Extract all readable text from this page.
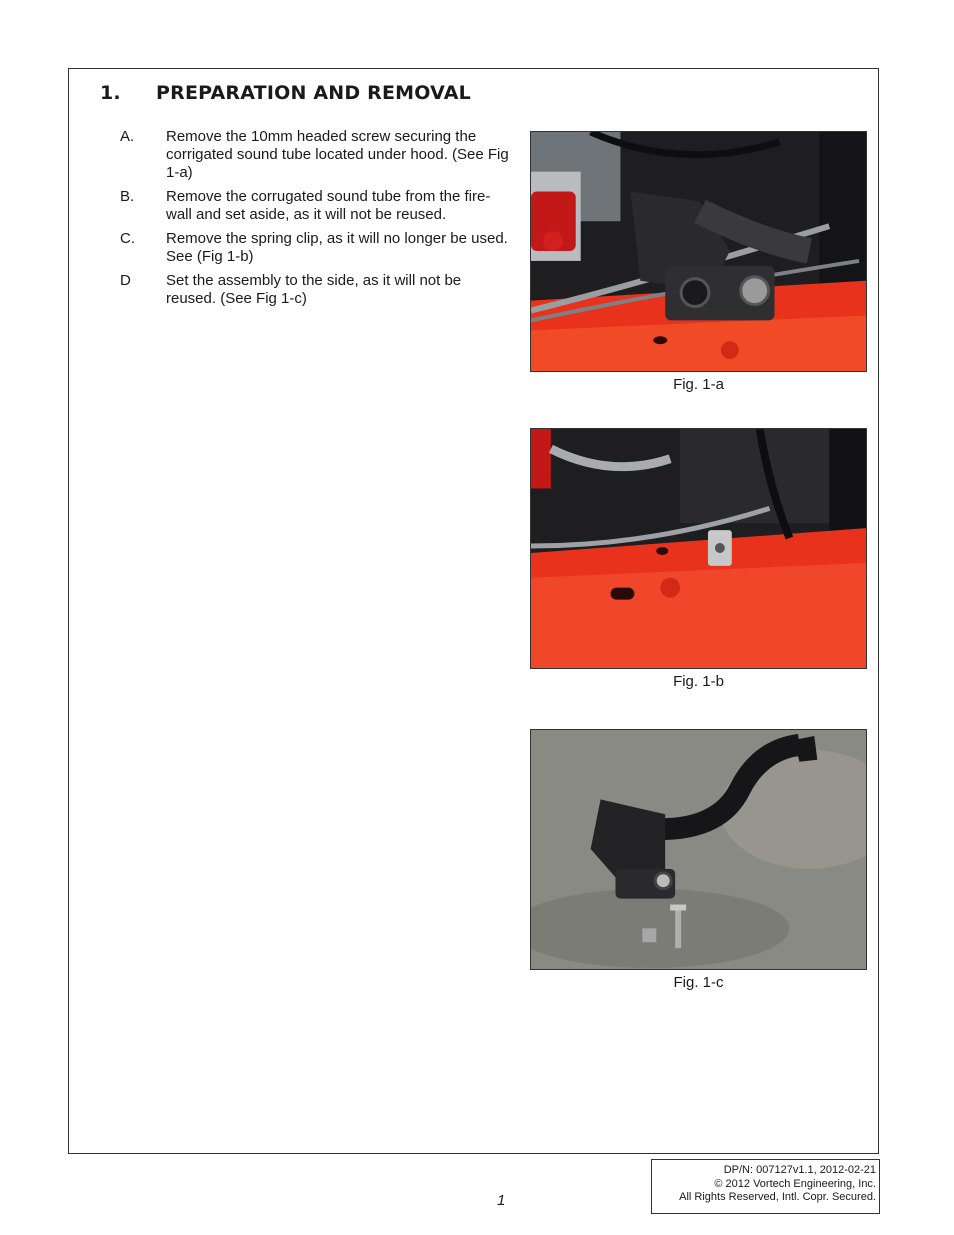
1.	PREPARATION AND REMOVAL
A.	Remove the 10mm headed screw securing the corrigated sound tube located under hood. (See Fig 1-a)
B.	Remove the corrugated sound tube from the fire-wall and set aside, as it will not be reused.
C.	Remove the spring clip, as it will no longer be used. See (Fig 1-b)
D	Set the assembly to the side, as it will not be reused. (See Fig 1-c)
Fig. 1-a
Fig. 1-b
Fig. 1-c
1
DP/N: 007127v1.1, 2012-02-21
© 2012 Vortech Engineering, Inc.
All Rights Reserved, Intl. Copr. Secured.
